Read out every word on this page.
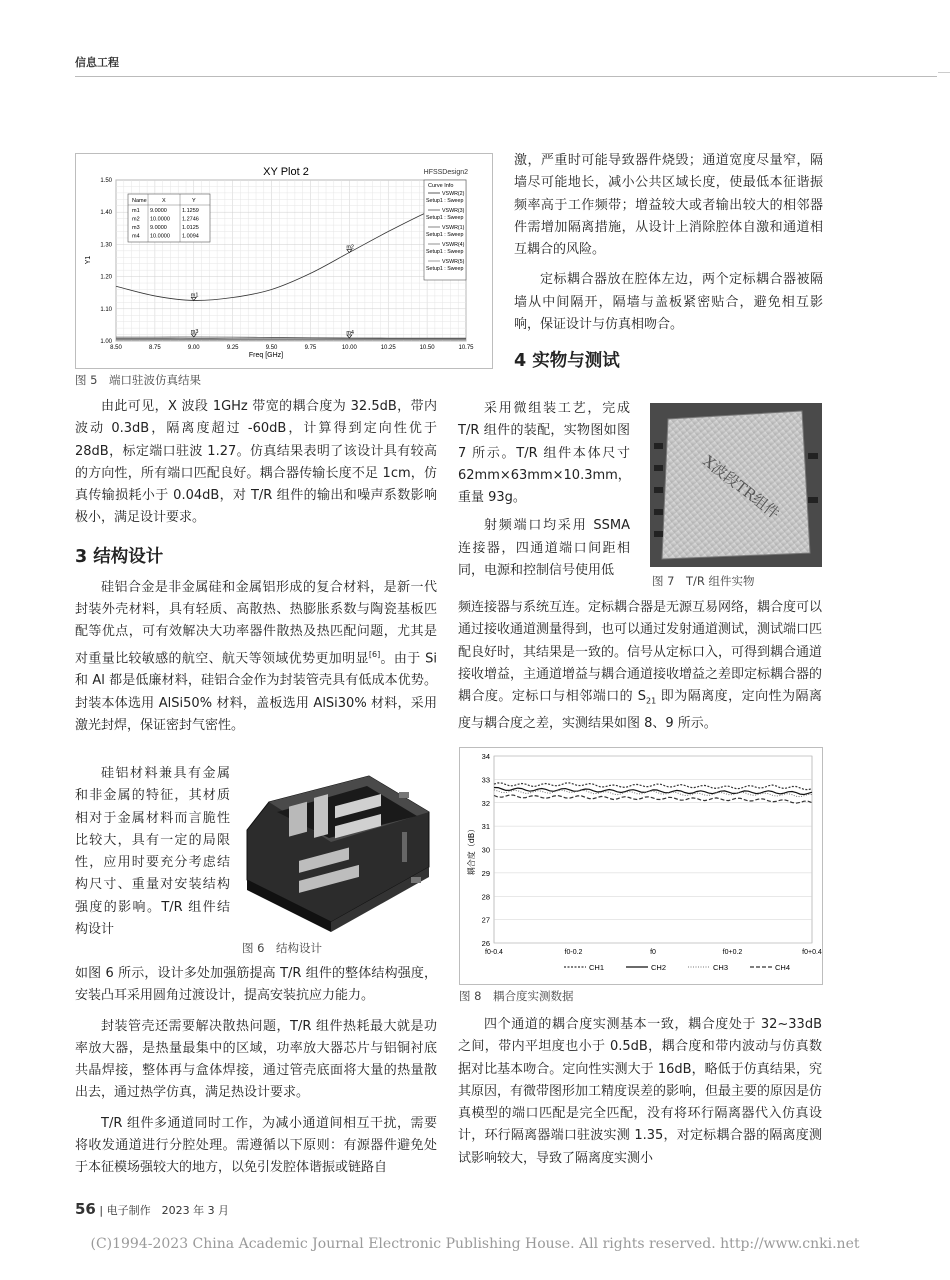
信息工程
XY Plot 2	HFSSDesign2
8.50	8.75	9.00	9.25	9.50	9.75	10.00	10.25	10.50	10.75
1.50
1.40
1.30
1.20
1.10
1.00
m1
m2
m3	m4
Name	X	Y
m1 9.0000	1.1259
m2 10.0000 1.2746
m3 9.0000	1.0125
m4 10.0000 1.0094
Curve Info
VSWR(2)
Setup1 : Sweep
VSWR(3)
Setup1 : Sweep
VSWR(1)
Setup1 : Sweep
VSWR(4)
Setup1 : Sweep
VSWR(5)
Setup1 : Sweep
Freq [GHz]
Y1
图 5　端口驻波仿真结果

由此可见，X 波段 1GHz 带宽的耦合度为 32.5dB，带内波动 0.3dB，隔离度超过 -60dB，计算得到定向性优于 28dB，标定端口驻波 1.27。仿真结果表明了该设计具有较高的方向性，所有端口匹配良好。耦合器传输长度不足 1cm，仿真传输损耗小于 0.04dB，对 T/R 组件的输出和噪声系数影响极小，满足设计要求。

3 结构设计

硅铝合金是非金属硅和金属铝形成的复合材料，是新一代封装外壳材料，具有轻质、高散热、热膨胀系数与陶瓷基板匹配等优点，可有效解决大功率器件散热及热匹配问题，尤其是对重量比较敏感的航空、航天等领域优势更加明显[6]。由于 Si 和 Al 都是低廉材料，硅铝合金作为封装管壳具有低成本优势。封装本体选用 AlSi50% 材料，盖板选用 AlSi30% 材料，采用激光封焊，保证密封气密性。

硅铝材料兼具有金属和非金属的特征，其材质相对于金属材料而言脆性比较大，具有一定的局限性，应用时要充分考虑结构尺寸、重量对安装结构强度的影响。T/R 组件结构设计

图 6　结构设计

如图 6 所示，设计多处加强筋提高 T/R 组件的整体结构强度，安装凸耳采用圆角过渡设计，提高安装抗应力能力。

封装管壳还需要解决散热问题，T/R 组件热耗最大就是功率放大器，是热量最集中的区域，功率放大器芯片与铝铜衬底共晶焊接，整体再与盒体焊接，通过管壳底面将大量的热量散出去，通过热学仿真，满足热设计要求。

T/R 组件多通道同时工作，为减小通道间相互干扰，需要将收发通道进行分腔处理。需遵循以下原则：有源器件避免处于本征模场强较大的地方，以免引发腔体谐振或链路自

激，严重时可能导致器件烧毁；通道宽度尽量窄，隔墙尽可能地长，减小公共区域长度，使最低本征谐振频率高于工作频带；增益较大或者输出较大的相邻器件需增加隔离措施，从设计上消除腔体自激和通道相互耦合的风险。

定标耦合器放在腔体左边，两个定标耦合器被隔墙从中间隔开，隔墙与盖板紧密贴合，避免相互影响，保证设计与仿真相吻合。

4 实物与测试

采用微组装工艺，完成 T/R 组件的装配，实物图如图 7 所示。T/R 组件本体尺寸 62mm×63mm×10.3mm，重量 93g。

射频端口均采用 SSMA 连接器，四通道端口间距相同，电源和控制信号使用低

X波段TR组件
图 7　T/R 组件实物

频连接器与系统互连。定标耦合器是无源互易网络，耦合度可以通过接收通道测量得到，也可以通过发射通道测试，测试端口匹配良好时，其结果是一致的。信号从定标口入，可得到耦合通道接收增益，主通道增益与耦合通道接收增益之差即定标耦合器的耦合度。定标口与相邻端口的 $S_{21}$ 即为隔离度，定向性为隔离度与耦合度之差，实测结果如图 8、9 所示。

34
33
32
31
30
29
28
27
26
f0-0.4	f0-0.2	f0	f0+0.2	f0+0.4
耦合度（dB）
CH1	CH2	CH3	CH4
图 8　耦合度实测数据

四个通道的耦合度实测基本一致，耦合度处于 32~33dB 之间，带内平坦度也小于 0.5dB，耦合度和带内波动与仿真数据对比基本吻合。定向性实测大于 16dB，略低于仿真结果，究其原因，有微带图形加工精度误差的影响，但最主要的原因是仿真模型的端口匹配是完全匹配，没有将环行隔离器代入仿真设计，环行隔离器端口驻波实测 1.35，对定标耦合器的隔离度测试影响较大，导致了隔离度实测小

56 | 电子制作　2023 年 3 月
(C)1994-2023 China Academic Journal Electronic Publishing House. All rights reserved. http://www.cnki.net
